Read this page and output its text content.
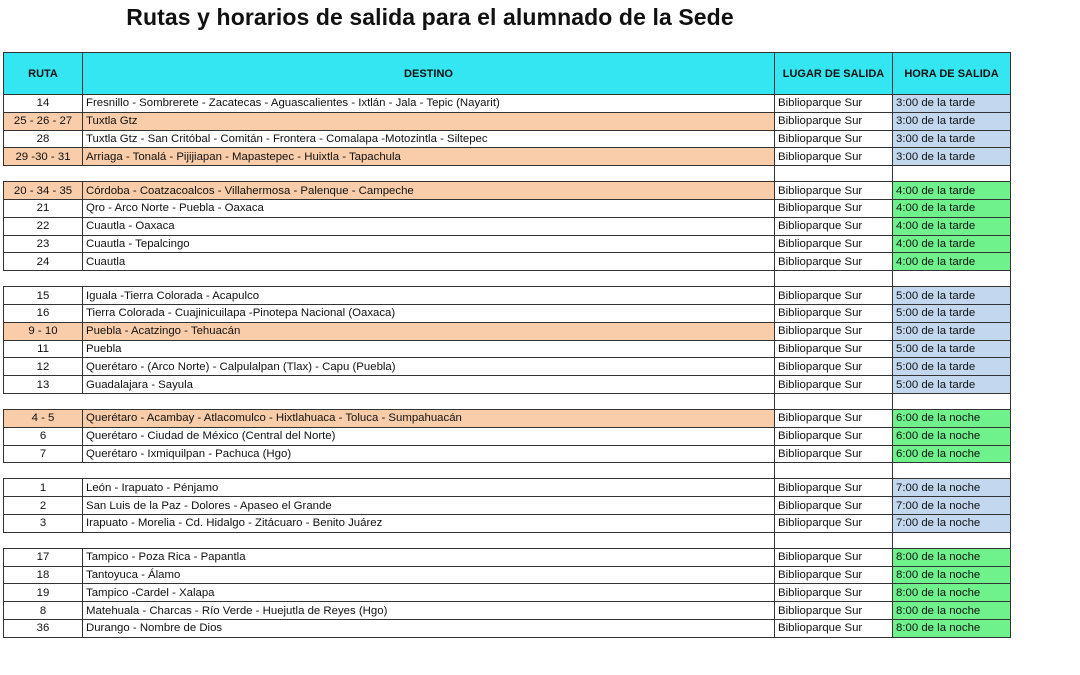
Rutas y horarios de salida para el alumnado de la Sede
RUTA	DESTINO	LUGAR DE SALIDA	HORA DE SALIDA
14	Fresnillo - Sombrerete - Zacatecas - Aguascalientes - Ixtlán - Jala - Tepic (Nayarit)	Biblioparque Sur	3:00 de la tarde
25 - 26 - 27	Tuxtla Gtz	Biblioparque Sur	3:00 de la tarde
28	Tuxtla Gtz - San Critóbal - Comitán - Frontera - Comalapa -Motozintla - Siltepec	Biblioparque Sur	3:00 de la tarde
29 -30 - 31	Arriaga - Tonalá - Pijijiapan - Mapastepec - Huixtla - Tapachula	Biblioparque Sur	3:00 de la tarde

20 - 34 - 35	Córdoba - Coatzacoalcos - Villahermosa - Palenque - Campeche	Biblioparque Sur	4:00 de la tarde
21	Qro - Arco Norte - Puebla - Oaxaca	Biblioparque Sur	4:00 de la tarde
22	Cuautla - Oaxaca	Biblioparque Sur	4:00 de la tarde
23	Cuautla - Tepalcingo	Biblioparque Sur	4:00 de la tarde
24	Cuautla	Biblioparque Sur	4:00 de la tarde

15	Iguala -Tierra Colorada - Acapulco	Biblioparque Sur	5:00 de la tarde
16	Tierra Colorada - Cuajinicuilapa -Pinotepa Nacional (Oaxaca)	Biblioparque Sur	5:00 de la tarde
9 - 10	Puebla - Acatzingo - Tehuacán	Biblioparque Sur	5:00 de la tarde
11	Puebla	Biblioparque Sur	5:00 de la tarde
12	Querétaro - (Arco Norte) - Calpulalpan (Tlax) - Capu (Puebla)	Biblioparque Sur	5:00 de la tarde
13	Guadalajara - Sayula	Biblioparque Sur	5:00 de la tarde

4 - 5	Querétaro - Acambay - Atlacomulco - Hixtlahuaca - Toluca - Sumpahuacán	Biblioparque Sur	6:00 de la noche
6	Querétaro - Ciudad de México (Central del Norte)	Biblioparque Sur	6:00 de la noche
7	Querétaro - Ixmiquilpan - Pachuca (Hgo)	Biblioparque Sur	6:00 de la noche

1	León - Irapuato - Pénjamo	Biblioparque Sur	7:00 de la noche
2	San Luis de la Paz - Dolores - Apaseo el Grande	Biblioparque Sur	7:00 de la noche
3	Irapuato - Morelia - Cd. Hidalgo - Zitácuaro - Benito Juárez	Biblioparque Sur	7:00 de la noche

17	Tampico - Poza Rica - Papantla	Biblioparque Sur	8:00 de la noche
18	Tantoyuca - Álamo	Biblioparque Sur	8:00 de la noche
19	Tampico -Cardel - Xalapa	Biblioparque Sur	8:00 de la noche
8	Matehuala - Charcas - Río Verde - Huejutla de Reyes (Hgo)	Biblioparque Sur	8:00 de la noche
36	Durango - Nombre de Dios	Biblioparque Sur	8:00 de la noche
